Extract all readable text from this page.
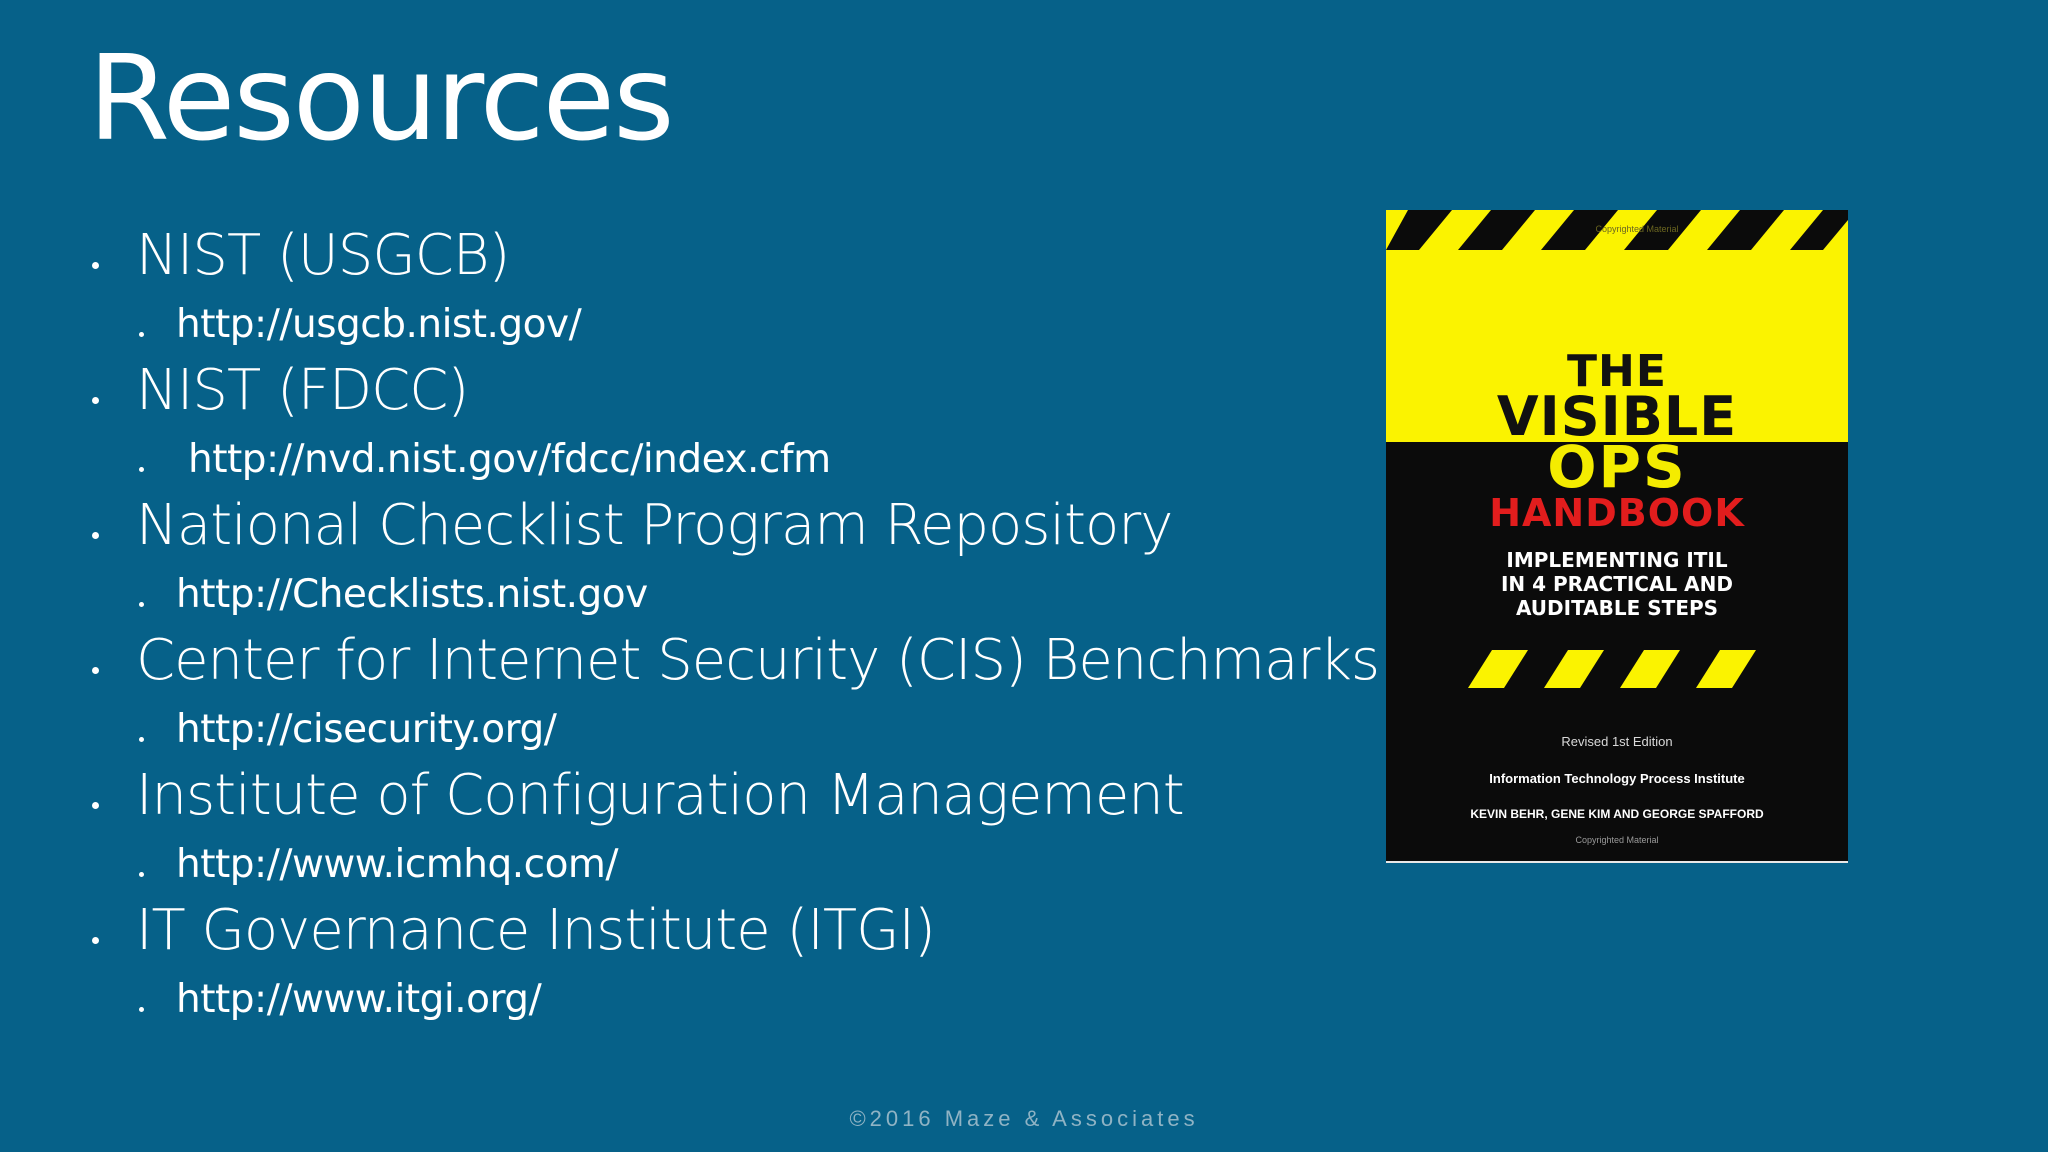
Resources
NIST (USGCB)
http://usgcb.nist.gov/
NIST (FDCC)
http://nvd.nist.gov/fdcc/index.cfm
National Checklist Program Repository
http://Checklists.nist.gov
Center for Internet Security (CIS) Benchmarks
http://cisecurity.org/
Institute of Configuration Management
http://www.icmhq.com/
IT Governance Institute (ITGI)
http://www.itgi.org/
Copyrighted Material
THE
VISIBLE
OPS
HANDBOOK
IMPLEMENTING ITIL
IN 4 PRACTICAL AND
AUDITABLE STEPS
Revised 1st Edition
Information Technology Process Institute
KEVIN BEHR, GENE KIM AND GEORGE SPAFFORD
Copyrighted Material
©2016 Maze & Associates
